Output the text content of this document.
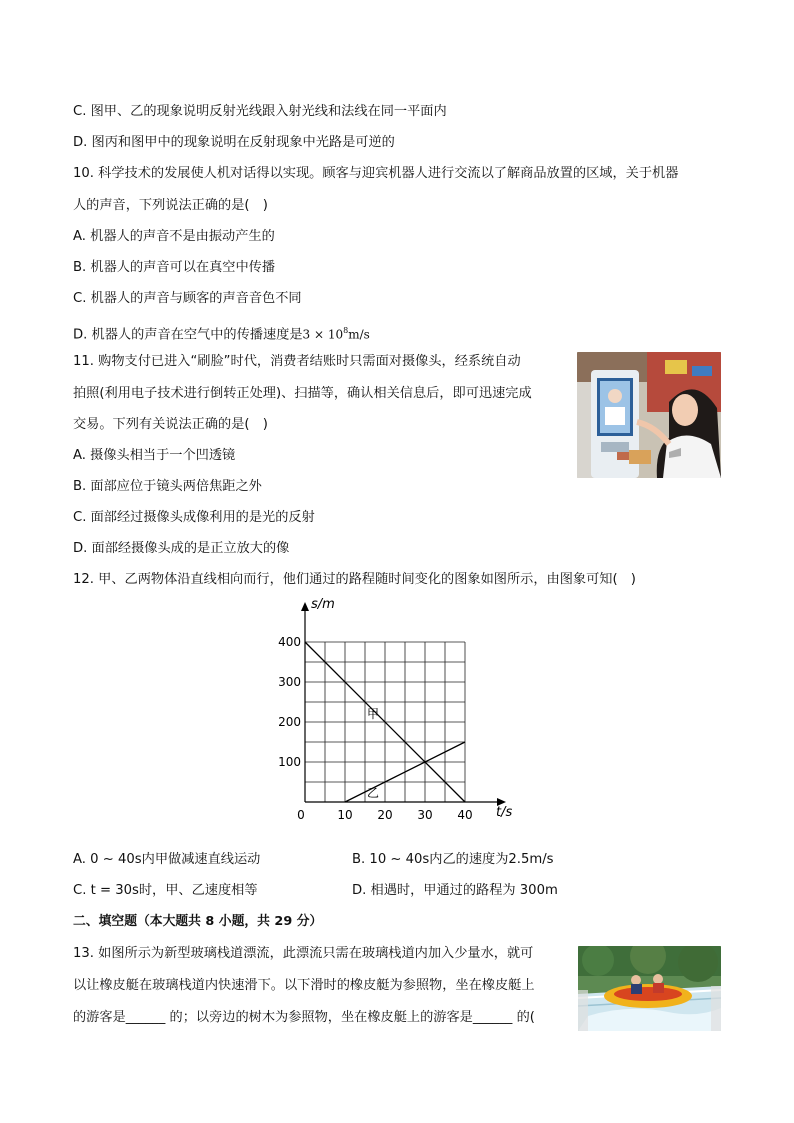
C. 图甲、乙的现象说明反射光线跟入射光线和法线在同一平面内
D. 图丙和图甲中的现象说明在反射现象中光路是可逆的
10. 科学技术的发展使人机对话得以实现。顾客与迎宾机器人进行交流以了解商品放置的区域，关于机器
人的声音，下列说法正确的是(　)
A. 机器人的声音不是由振动产生的
B. 机器人的声音可以在真空中传播
C. 机器人的声音与顾客的声音音色不同
D. 机器人的声音在空气中的传播速度是$3 \times 10^8m/s$
11. 购物支付已进入“刷脸”时代，消费者结账时只需面对摄像头，经系统自动
拍照(利用电子技术进行倒转正处理)、扫描等，确认相关信息后，即可迅速完成
交易。下列有关说法正确的是(　)
A. 摄像头相当于一个凹透镜
B. 面部应位于镜头两倍焦距之外
C. 面部经过摄像头成像利用的是光的反射
D. 面部经摄像头成的是正立放大的像
12. 甲、乙两物体沿直线相向而行，他们通过的路程随时间变化的图象如图所示，由图象可知(　)
s/m
t/s
0	10 20 30 40
100
200
300
400
甲
乙
A. 0 ~ 40s内甲做减速直线运动	B. 10 ~ 40s内乙的速度为2.5m/s
C. t = 30s时，甲、乙速度相等	D. 相遇时，甲通过的路程为 300m
二、填空题（本大题共 8 小题，共 29 分）
13. 如图所示为新型玻璃栈道漂流，此漂流只需在玻璃栈道内加入少量水，就可
以让橡皮艇在玻璃栈道内快速滑下。以下滑时的橡皮艇为参照物，坐在橡皮艇上
的游客是______ 的；以旁边的树木为参照物，坐在橡皮艇上的游客是______ 的(
